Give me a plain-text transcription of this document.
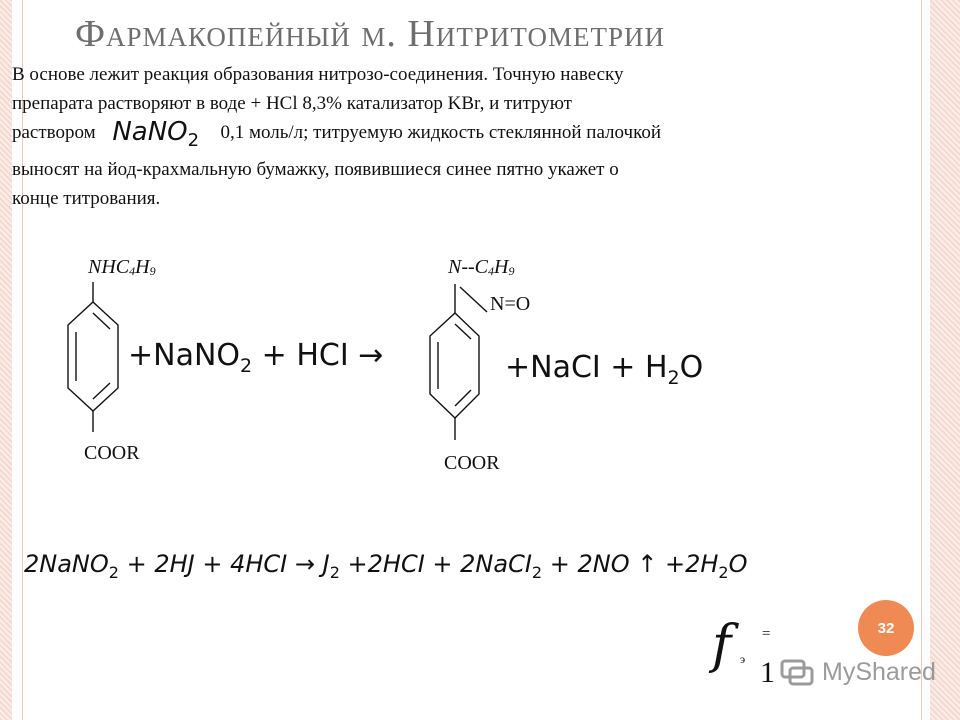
Фармакопейный м. Нитритометрии
В основе лежит реакция образования нитрозо-соединения. Точную навеску
препарата растворяют в воде + HCl 8,3% катализатор KBr, и титруют
раствором NaNO$_2$ 0,1 моль/л; титруемую жидкость стеклянной палочкой
выносят на йод-крахмальную бумажку, появившиеся синее пятно укажет о
конце титрования.
$NHC_4H_9$
COOR
+NaNO$_2$ + HCI →
$N--C_4H_9$
N=O
COOR
+NaCI + $H_2O$
2NaNO$_2$ + $2HJ + 4HCI \to J_2 +2HCI$ + 2NaCI$_2$ + 2NO ↑ $+2H_2O$
f э
=
1
32
MyShared
